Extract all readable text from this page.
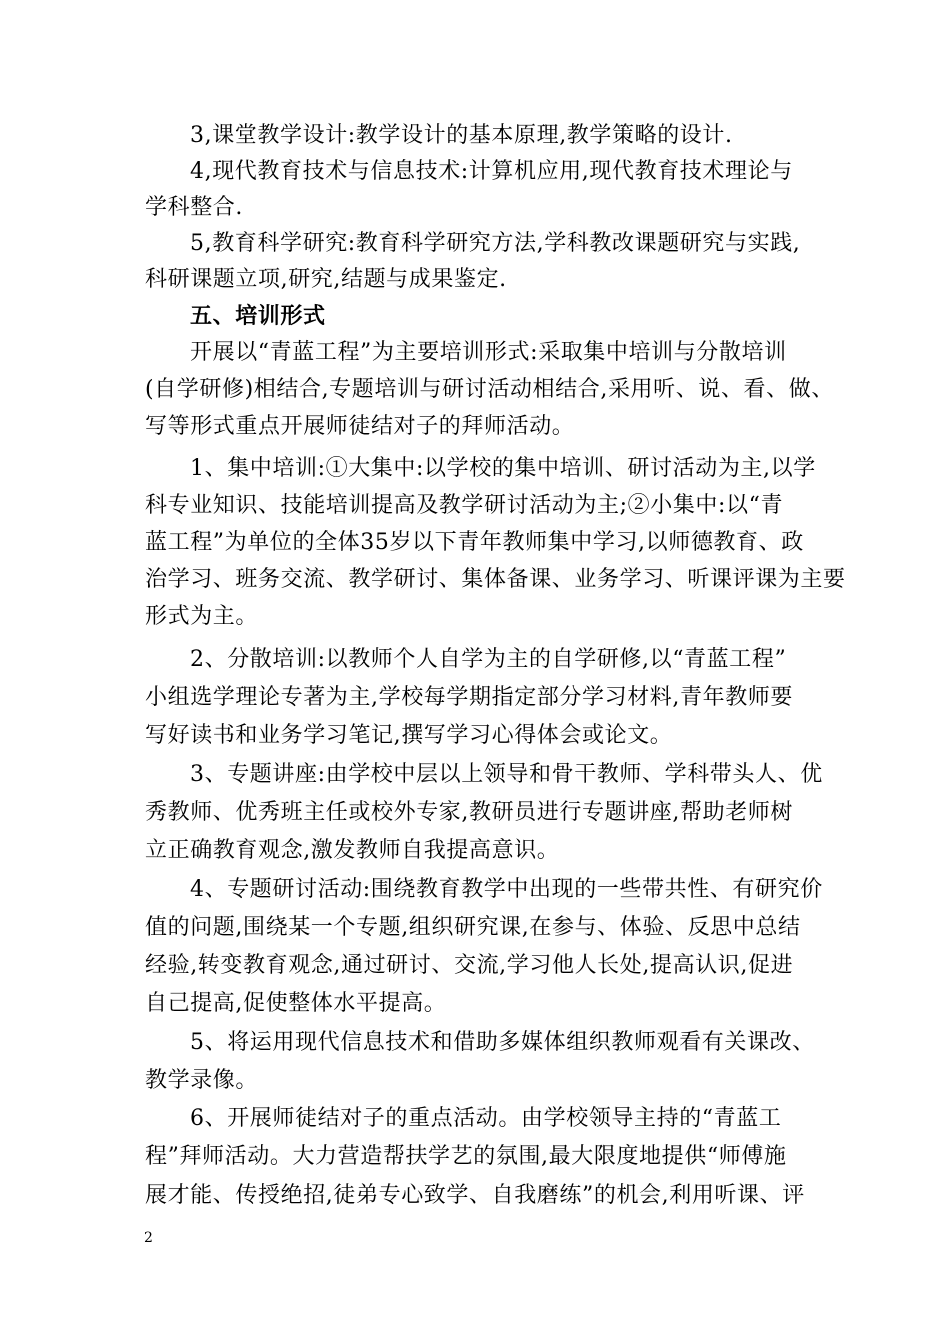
3,课堂教学设计:教学设计的基本原理,教学策略的设计.
4,现代教育技术与信息技术:计算机应用,现代教育技术理论与
学科整合.
5,教育科学研究:教育科学研究方法,学科教改课题研究与实践,
科研课题立项,研究,结题与成果鉴定.
五、培训形式
开展以“青蓝工程”为主要培训形式:采取集中培训与分散培训
(自学研修)相结合,专题培训与研讨活动相结合,采用听、说、看、做、
写等形式重点开展师徒结对子的拜师活动。
1、集中培训:①大集中:以学校的集中培训、研讨活动为主,以学
科专业知识、技能培训提高及教学研讨活动为主;②小集中:以“青
蓝工程”为单位的全体35岁以下青年教师集中学习,以师德教育、政
治学习、班务交流、教学研讨、集体备课、业务学习、听课评课为主要
形式为主。
2、分散培训:以教师个人自学为主的自学研修,以“青蓝工程”
小组选学理论专著为主,学校每学期指定部分学习材料,青年教师要
写好读书和业务学习笔记,撰写学习心得体会或论文。
3、专题讲座:由学校中层以上领导和骨干教师、学科带头人、优
秀教师、优秀班主任或校外专家,教研员进行专题讲座,帮助老师树
立正确教育观念,激发教师自我提高意识。
4、专题研讨活动:围绕教育教学中出现的一些带共性、有研究价
值的问题,围绕某一个专题,组织研究课,在参与、体验、反思中总结
经验,转变教育观念,通过研讨、交流,学习他人长处,提高认识,促进
自己提高,促使整体水平提高。
5、将运用现代信息技术和借助多媒体组织教师观看有关课改、
教学录像。
6、开展师徒结对子的重点活动。由学校领导主持的“青蓝工
程”拜师活动。大力营造帮扶学艺的氛围,最大限度地提供“师傅施
展才能、传授绝招,徒弟专心致学、自我磨练”的机会,利用听课、评
2
